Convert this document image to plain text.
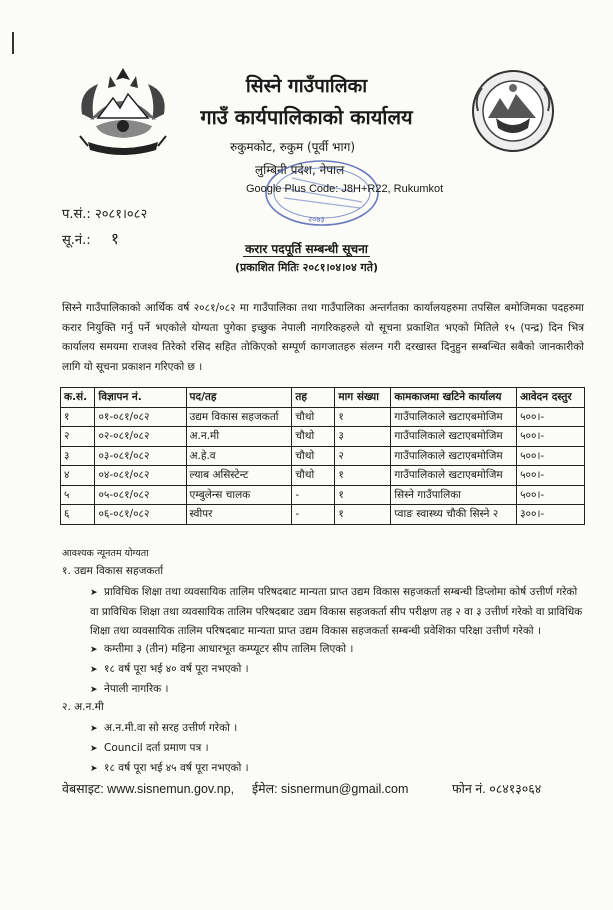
सिस्ने गाउँपालिका
गाउँ कार्यपालिकाको कार्यालय
रुकुमकोट, रुकुम (पूर्वी भाग)
लुम्बिनी प्रदेश, नेपाल
२०७३
Google Plus Code: J8H+R22, Rukumkot
प.सं.: २०८१।०८२
सू.नं.: १
करार पदपूर्ति सम्बन्धी सूचना
(प्रकाशित मितिः २०८१।०४।०४ गते)
सिस्ने गाउँपालिकाको आर्थिक वर्ष २०८१/०८२ मा गाउँपालिका तथा गाउँपालिका अन्तर्गतका कार्यालयहरुमा तपसिल बमोजिमका पदहरुमा करार नियुक्ति गर्नु पर्ने भएकोले योग्यता पुगेका इच्छुक नेपाली नागरिकहरुले यो सूचना प्रकाशित भएको मितिले १५ (पन्द्र) दिन भित्र कार्यालय समयमा राजश्व तिरेको रसिद सहित तोकिएको सम्पूर्ण कागजातहरु संलग्न गरी दरखास्त दिनुहुन सम्बन्धित सबैको जानकारीको लागि यो सूचना प्रकाशन गरिएको छ ।
क.सं.	विज्ञापन नं.	पद/तह	तह	माग संख्या	कामकाजमा खटिने कार्यालय	आवेदन दस्तुर
१	०१-०८१/०८२	उद्यम विकास सहजकर्ता	चौथो	१	गाउँपालिकाले खटाएबमोजिम	५००।-
२	०२-०८१/०८२	अ.न.मी	चौथो	३	गाउँपालिकाले खटाएबमोजिम	५००।-
३	०३-०८१/०८२	अ.हे.व	चौथो	२	गाउँपालिकाले खटाएबमोजिम	५००।-
४	०४-०८१/०८२	ल्याब असिस्टेन्ट	चौथो	१	गाउँपालिकाले खटाएबमोजिम	५००।-
५	०५-०८१/०८२	एम्बुलेन्स चालक	-	१	सिस्ने गाउँपालिका	५००।-
६	०६-०८१/०८२	स्वीपर	-	१	प्वाङ स्वास्थ्य चौकी सिस्ने २	३००।-
आवश्यक न्यूनतम योग्यता
१. उद्यम विकास सहजकर्ता
➤ प्राविधिक शिक्षा तथा व्यवसायिक तालिम परिषदबाट मान्यता प्राप्त उद्यम विकास सहजकर्ता सम्बन्धी डिप्लोमा कोर्ष उत्तीर्ण गरेको वा प्राविधिक शिक्षा तथा व्यवसायिक तालिम परिषदबाट उद्यम विकास सहजकर्ता सीप परीक्षण तह २ वा ३ उत्तीर्ण गरेको वा प्राविधिक शिक्षा तथा व्यवसायिक तालिम परिषदबाट मान्यता प्राप्त उद्यम विकास सहजकर्ता सम्बन्धी प्रवेशिका परिक्षा उत्तीर्ण गरेको ।
➤ कम्तीमा ३ (तीन) महिना आधारभूत कम्प्यूटर सीप तालिम लिएको ।
➤ १८ वर्ष पूरा भई ४० वर्ष पूरा नभएको ।
➤ नेपाली नागरिक ।
२. अ.न.मी
➤ अ.न.मी.वा सो सरह उत्तीर्ण गरेको ।
➤ Council दर्ता प्रमाण पत्र ।
➤ १८ वर्ष पूरा भई ४५ वर्ष पूरा नभएको ।
वेबसाइट: www.sisnemun.gov.np, ईमेल: sisnermun@gmail.com	फोन नं. ०८४१३०६४
